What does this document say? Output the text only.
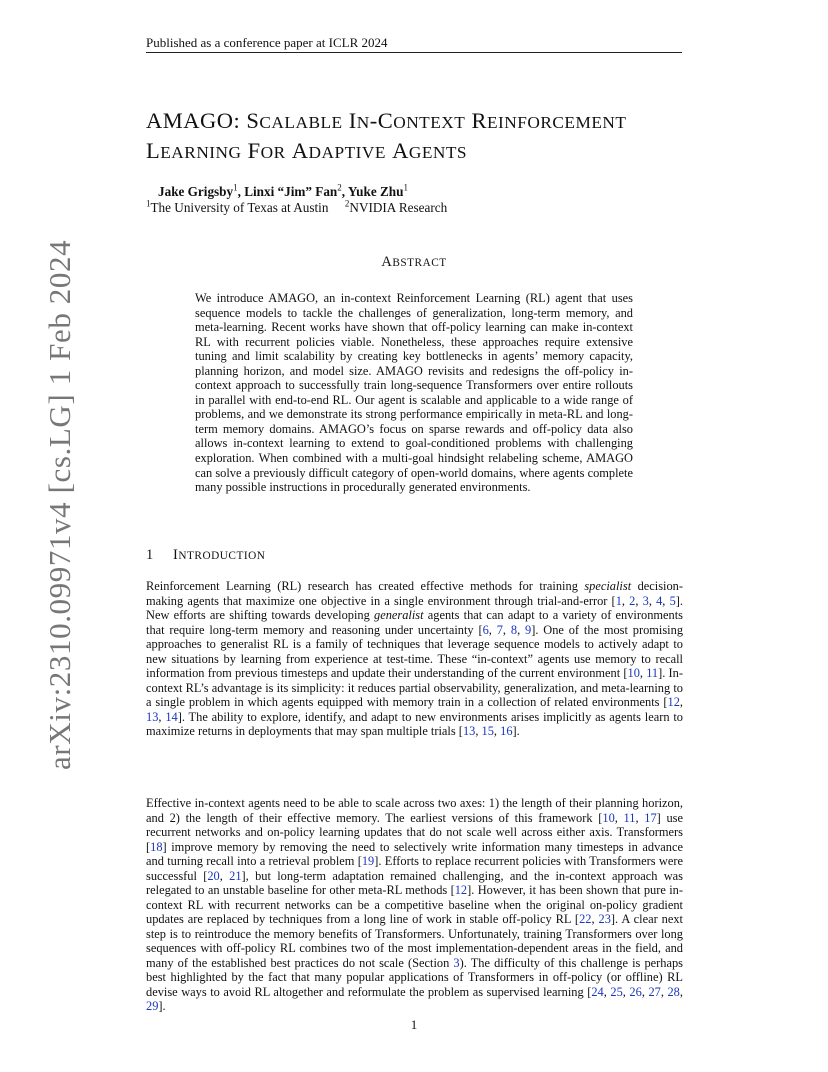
Published as a conference paper at ICLR 2024
arXiv:2310.09971v4 [cs.LG] 1 Feb 2024
AMAGO: SCALABLE IN-CONTEXT REINFORCEMENT
LEARNING FOR ADAPTIVE AGENTS
Jake Grigsby$^1$, Linxi “Jim” Fan$^2$, Yuke Zhu$^1$
$^1$The University of Texas at Austin $^2$NVIDIA Research
ABSTRACT
We introduce AMAGO, an in-context Reinforcement Learning (RL) agent that uses sequence models to tackle the challenges of generalization, long-term memory, and meta-learning. Recent works have shown that off-policy learning can make in-context RL with recurrent policies viable. Nonetheless, these approaches require extensive tuning and limit scalability by creating key bottlenecks in agents’ memory capacity, planning horizon, and model size. AMAGO revisits and redesigns the off-policy in-context approach to successfully train long-sequence Transformers over entire rollouts in parallel with end-to-end RL. Our agent is scalable and applicable to a wide range of problems, and we demonstrate its strong performance empirically in meta-RL and long-term memory domains. AMAGO’s focus on sparse rewards and off-policy data also allows in-context learning to extend to goal-conditioned problems with challenging exploration. When combined with a multi-goal hindsight relabeling scheme, AMAGO can solve a previously difficult category of open-world domains, where agents complete many possible instructions in procedurally generated environments.
1 INTRODUCTION
Reinforcement Learning (RL) research has created effective methods for training specialist decision-making agents that maximize one objective in a single environment through trial-and-error [1, 2, 3, 4, 5]. New efforts are shifting towards developing generalist agents that can adapt to a variety of environments that require long-term memory and reasoning under uncertainty [6, 7, 8, 9]. One of the most promising approaches to generalist RL is a family of techniques that leverage sequence models to actively adapt to new situations by learning from experience at test-time. These “in-context” agents use memory to recall information from previous timesteps and update their understanding of the current environment [10, 11]. In-context RL’s advantage is its simplicity: it reduces partial observability, generalization, and meta-learning to a single problem in which agents equipped with memory train in a collection of related environments [12, 13, 14]. The ability to explore, identify, and adapt to new environments arises implicitly as agents learn to maximize returns in deployments that may span multiple trials [13, 15, 16].
Effective in-context agents need to be able to scale across two axes: 1) the length of their planning horizon, and 2) the length of their effective memory. The earliest versions of this framework [10, 11, 17] use recurrent networks and on-policy learning updates that do not scale well across either axis. Transformers [18] improve memory by removing the need to selectively write information many timesteps in advance and turning recall into a retrieval problem [19]. Efforts to replace recurrent policies with Transformers were successful [20, 21], but long-term adaptation remained challenging, and the in-context approach was relegated to an unstable baseline for other meta-RL methods [12]. However, it has been shown that pure in-context RL with recurrent networks can be a competitive baseline when the original on-policy gradient updates are replaced by techniques from a long line of work in stable off-policy RL [22, 23]. A clear next step is to reintroduce the memory benefits of Transformers. Unfortunately, training Transformers over long sequences with off-policy RL combines two of the most implementation-dependent areas in the field, and many of the established best practices do not scale (Section 3). The difficulty of this challenge is perhaps best highlighted by the fact that many popular applications of Transformers in off-policy (or offline) RL devise ways to avoid RL altogether and reformulate the problem as supervised learning [24, 25, 26, 27, 28, 29].
1
